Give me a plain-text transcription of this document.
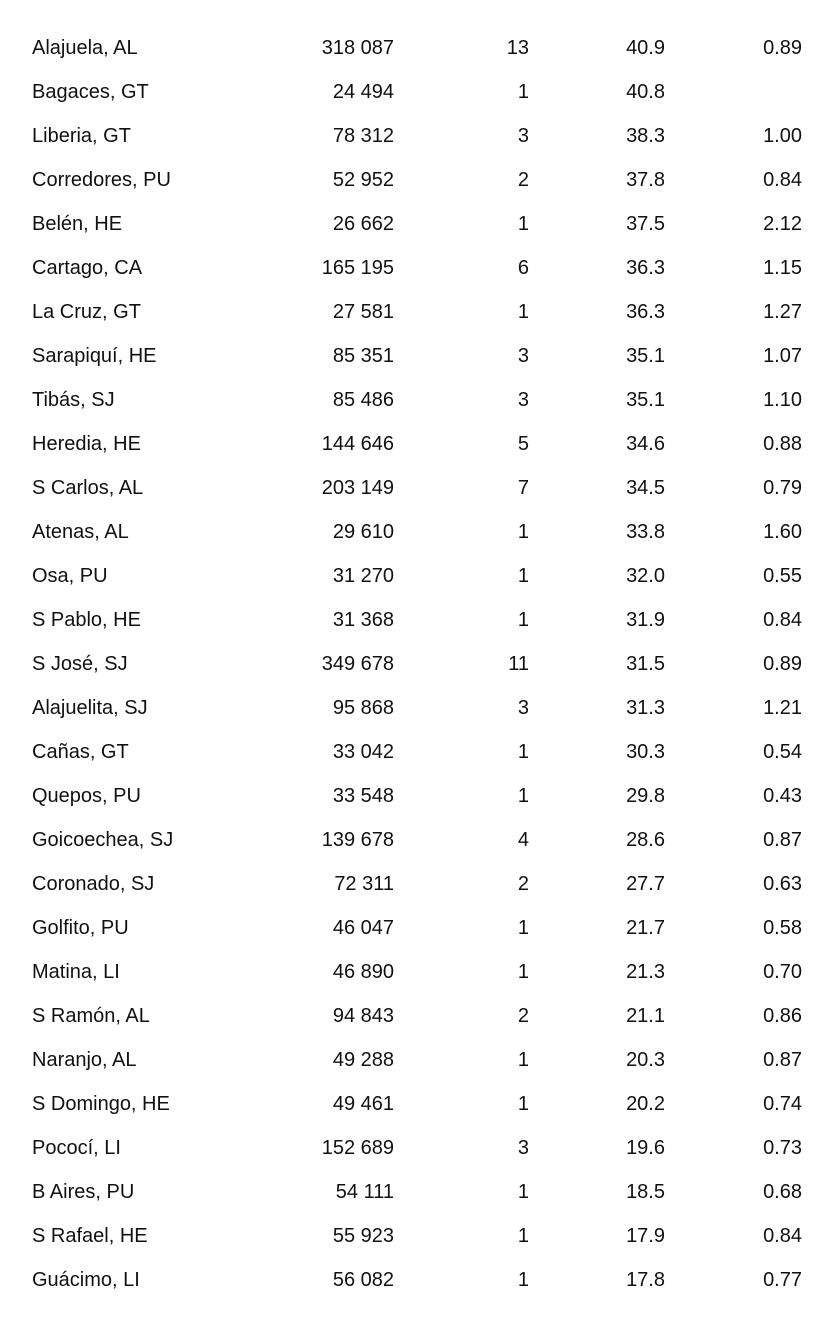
Alajuela, AL	318 087	13	40.9	0.89
Bagaces, GT	24 494	1	40.8
Liberia, GT	78 312	3	38.3	1.00
Corredores, PU	52 952	2	37.8	0.84
Belén, HE	26 662	1	37.5	2.12
Cartago, CA	165 195	6	36.3	1.15
La Cruz, GT	27 581	1	36.3	1.27
Sarapiquí, HE	85 351	3	35.1	1.07
Tibás, SJ	85 486	3	35.1	1.10
Heredia, HE	144 646	5	34.6	0.88
S Carlos, AL	203 149	7	34.5	0.79
Atenas, AL	29 610	1	33.8	1.60
Osa, PU	31 270	1	32.0	0.55
S Pablo, HE	31 368	1	31.9	0.84
S José, SJ	349 678	11	31.5	0.89
Alajuelita, SJ	95 868	3	31.3	1.21
Cañas, GT	33 042	1	30.3	0.54
Quepos, PU	33 548	1	29.8	0.43
Goicoechea, SJ	139 678	4	28.6	0.87
Coronado, SJ	72 311	2	27.7	0.63
Golfito, PU	46 047	1	21.7	0.58
Matina, LI	46 890	1	21.3	0.70
S Ramón, AL	94 843	2	21.1	0.86
Naranjo, AL	49 288	1	20.3	0.87
S Domingo, HE	49 461	1	20.2	0.74
Pococí, LI	152 689	3	19.6	0.73
B Aires, PU	54 111	1	18.5	0.68
S Rafael, HE	55 923	1	17.9	0.84
Guácimo, LI	56 082	1	17.8	0.77
